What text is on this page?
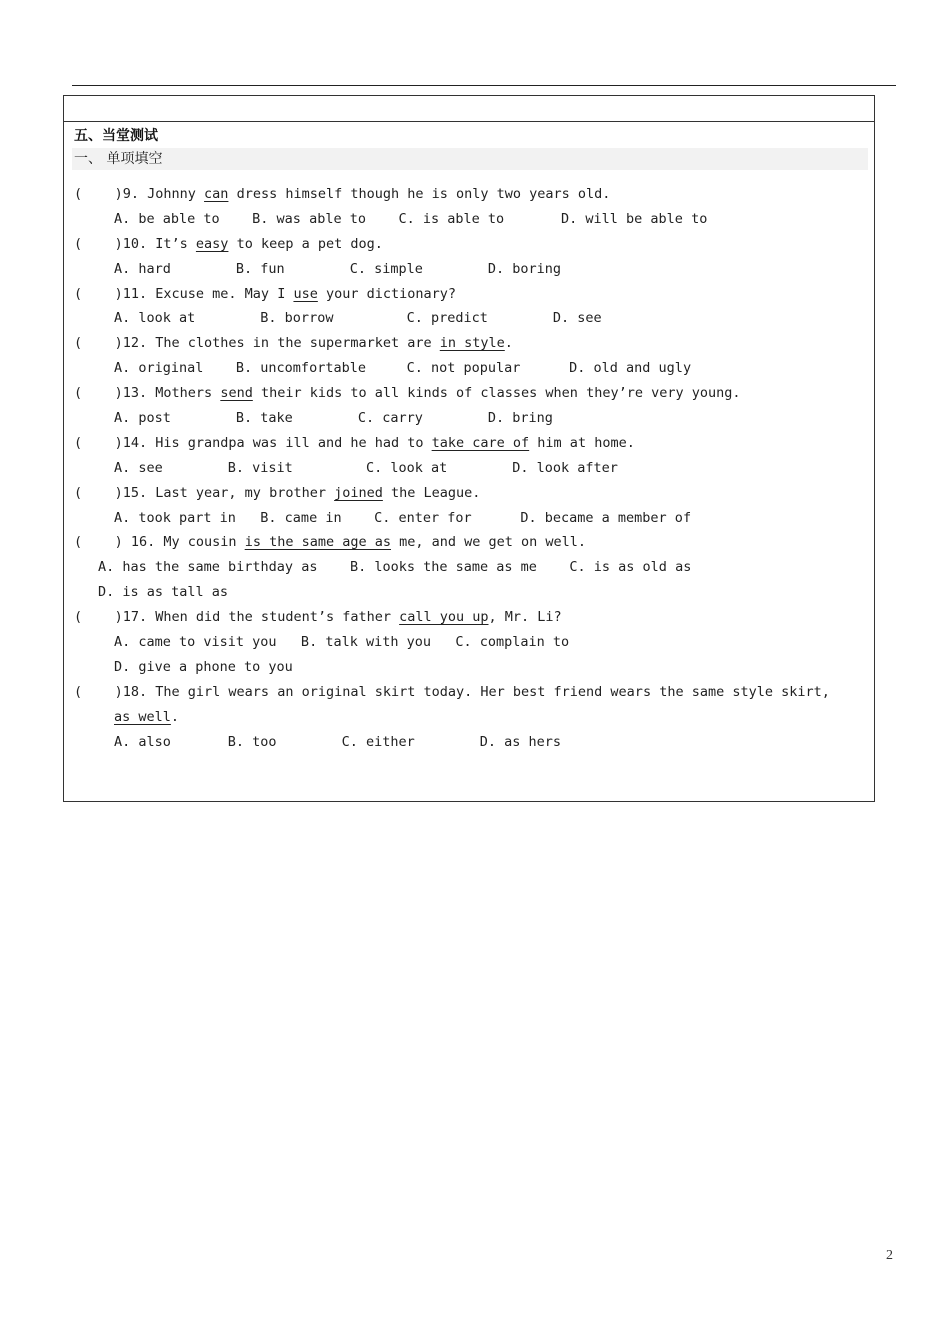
五、当堂测试
一、 单项填空
(    )9. Johnny can dress himself though he is only two years old.
A. be able to    B. was able to    C. is able to       D. will be able to
(    )10. It’s easy to keep a pet dog.
A. hard        B. fun        C. simple        D. boring
(    )11. Excuse me. May I use your dictionary?
A. look at        B. borrow         C. predict        D. see
(    )12. The clothes in the supermarket are in style.
A. original    B. uncomfortable     C. not popular      D. old and ugly
(    )13. Mothers send their kids to all kinds of classes when they’re very young.
A. post        B. take        C. carry        D. bring
(    )14. His grandpa was ill and he had to take care of him at home.
A. see        B. visit         C. look at        D. look after
(    )15. Last year, my brother joined the League.
A. took part in   B. came in    C. enter for      D. became a member of
(    ) 16. My cousin is the same age as me, and we get on well.
A. has the same birthday as    B. looks the same as me    C. is as old as
D. is as tall as
(    )17. When did the student’s father call you up, Mr. Li?
A. came to visit you   B. talk with you   C. complain to
D. give a phone to you
(    )18. The girl wears an original skirt today. Her best friend wears the same style skirt,
as well.
A. also       B. too        C. either        D. as hers
2
